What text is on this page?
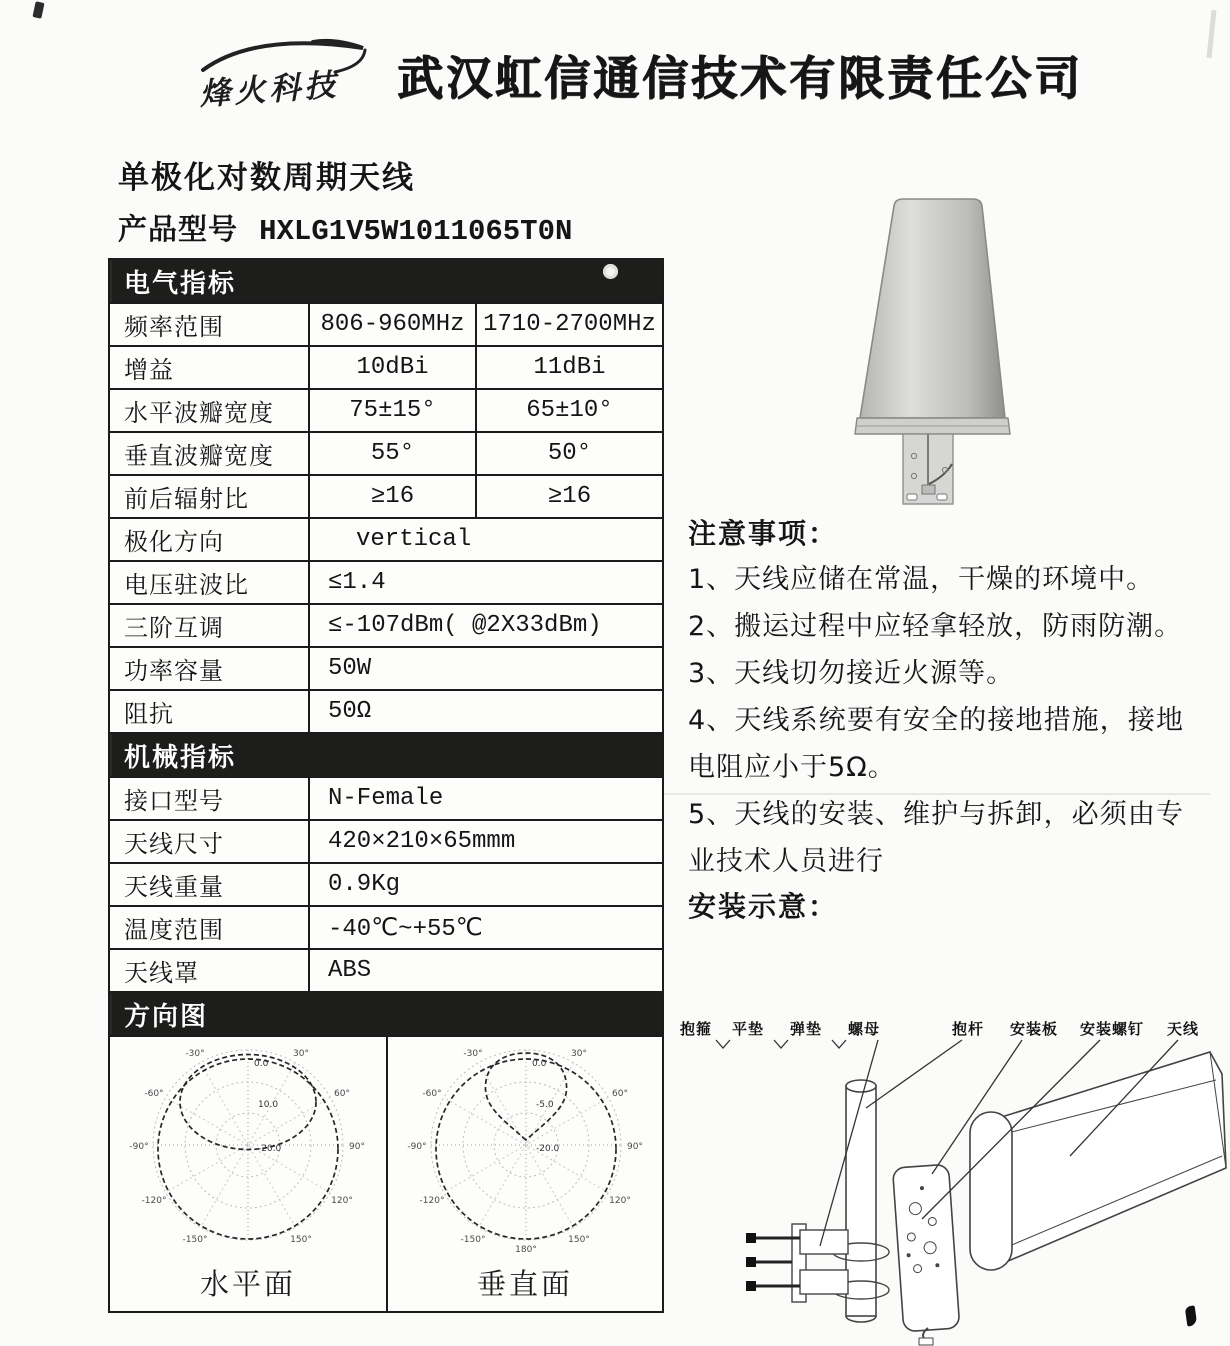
烽火科技 武汉虹信通信技术有限责任公司
单极化对数周期天线
产品型号 HXLG1V5W1011065T0N
电气指标		

频率范围	806-960MHz	1710-2700MHz
增益	10dBi	11dBi
水平波瓣宽度	75±15°	65±10°
垂直波瓣宽度	55°	50°
前后辐射比	≥16	≥16
极化方向	vertical	
电压驻波比	≤1.4	
三阶互调	≤-107dBm( @2X33dBm)	
功率容量	50W	
阻抗	50Ω	
机械指标		
接口型号	N-Female	
天线尺寸	420×210×65mmm	
天线重量	0.9Kg	
温度范围	-40℃~+55℃	
天线罩	ABS	
方向图
-30°	30°
-60°	60°
-90°	90°
-120°	120°
-150°	150°
0.0
10.0
-20.0
水平面
-30°	30°
-60°	60°
-90°	90°
-120°	120°
-150°	150°
180°
0.0
-5.0
-20.0
垂直面
注意事项：
1、天线应储在常温，干燥的环境中。
2、搬运过程中应轻拿轻放，防雨防潮。
3、天线切勿接近火源等。
4、天线系统要有安全的接地措施，接地电阻应小于5Ω。
5、天线的安装、维护与拆卸，必须由专业技术人员进行
安装示意：
抱箍 平垫 弹垫 螺母	抱杆 安装板 安装螺钉 天线
